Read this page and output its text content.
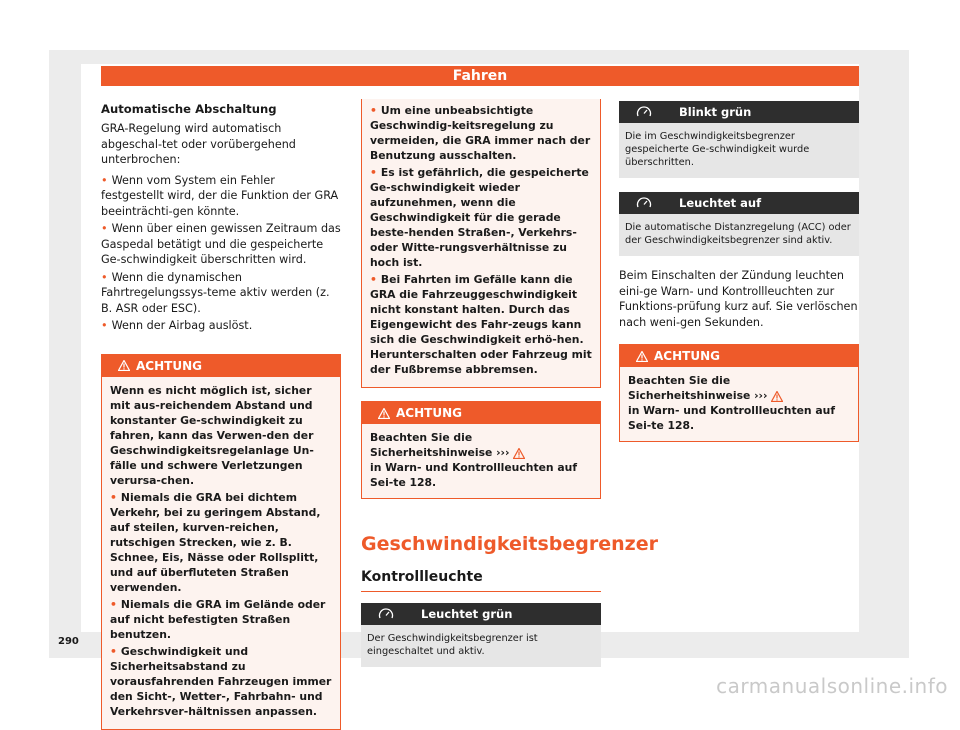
Fahren
Automatische Abschaltung
GRA-Regelung wird automatisch abgeschal-tet oder vorübergehend unterbrochen:
• Wenn vom System ein Fehler festgestellt wird, der die Funktion der GRA beeinträchti-gen könnte.
• Wenn über einen gewissen Zeitraum das Gaspedal betätigt und die gespeicherte Ge-schwindigkeit überschritten wird.
• Wenn die dynamischen Fahrtregelungssys-teme aktiv werden (z. B. ASR oder ESC).
• Wenn der Airbag auslöst.
ACHTUNG
Wenn es nicht möglich ist, sicher mit aus-reichendem Abstand und konstanter Ge-schwindigkeit zu fahren, kann das Verwen-den der Geschwindigkeitsregelanlage Un-fälle und schwere Verletzungen verursa-chen.
• Niemals die GRA bei dichtem Verkehr, bei zu geringem Abstand, auf steilen, kurven-reichen, rutschigen Strecken, wie z. B. Schnee, Eis, Nässe oder Rollsplitt, und auf überfluteten Straßen verwenden.
• Niemals die GRA im Gelände oder auf nicht befestigten Straßen benutzen.
• Geschwindigkeit und Sicherheitsabstand zu vorausfahrenden Fahrzeugen immer den Sicht-, Wetter-, Fahrbahn- und Verkehrsver-hältnissen anpassen.
• Um eine unbeabsichtigte Geschwindig-keitsregelung zu vermeiden, die GRA immer nach der Benutzung ausschalten.
• Es ist gefährlich, die gespeicherte Ge-schwindigkeit wieder aufzunehmen, wenn die Geschwindigkeit für die gerade beste-henden Straßen-, Verkehrs- oder Witte-rungsverhältnisse zu hoch ist.
• Bei Fahrten im Gefälle kann die GRA die Fahrzeuggeschwindigkeit nicht konstant halten. Durch das Eigengewicht des Fahr-zeugs kann sich die Geschwindigkeit erhö-hen. Herunterschalten oder Fahrzeug mit der Fußbremse abbremsen.
ACHTUNG
Beachten Sie die Sicherheitshinweise ›››
in Warn- und Kontrollleuchten auf Sei-te 128.
Geschwindigkeitsbegrenzer
Kontrollleuchte
Leuchtet grün
Der Geschwindigkeitsbegrenzer ist eingeschaltet und aktiv.
Blinkt grün
Die im Geschwindigkeitsbegrenzer gespeicherte Ge-schwindigkeit wurde überschritten.
Leuchtet auf
Die automatische Distanzregelung (ACC) oder der Geschwindigkeitsbegrenzer sind aktiv.
Beim Einschalten der Zündung leuchten eini-ge Warn- und Kontrollleuchten zur Funktions-prüfung kurz auf. Sie verlöschen nach weni-gen Sekunden.
ACHTUNG
Beachten Sie die Sicherheitshinweise ›››
in Warn- und Kontrollleuchten auf Sei-te 128.
290
carmanualsonline.info
